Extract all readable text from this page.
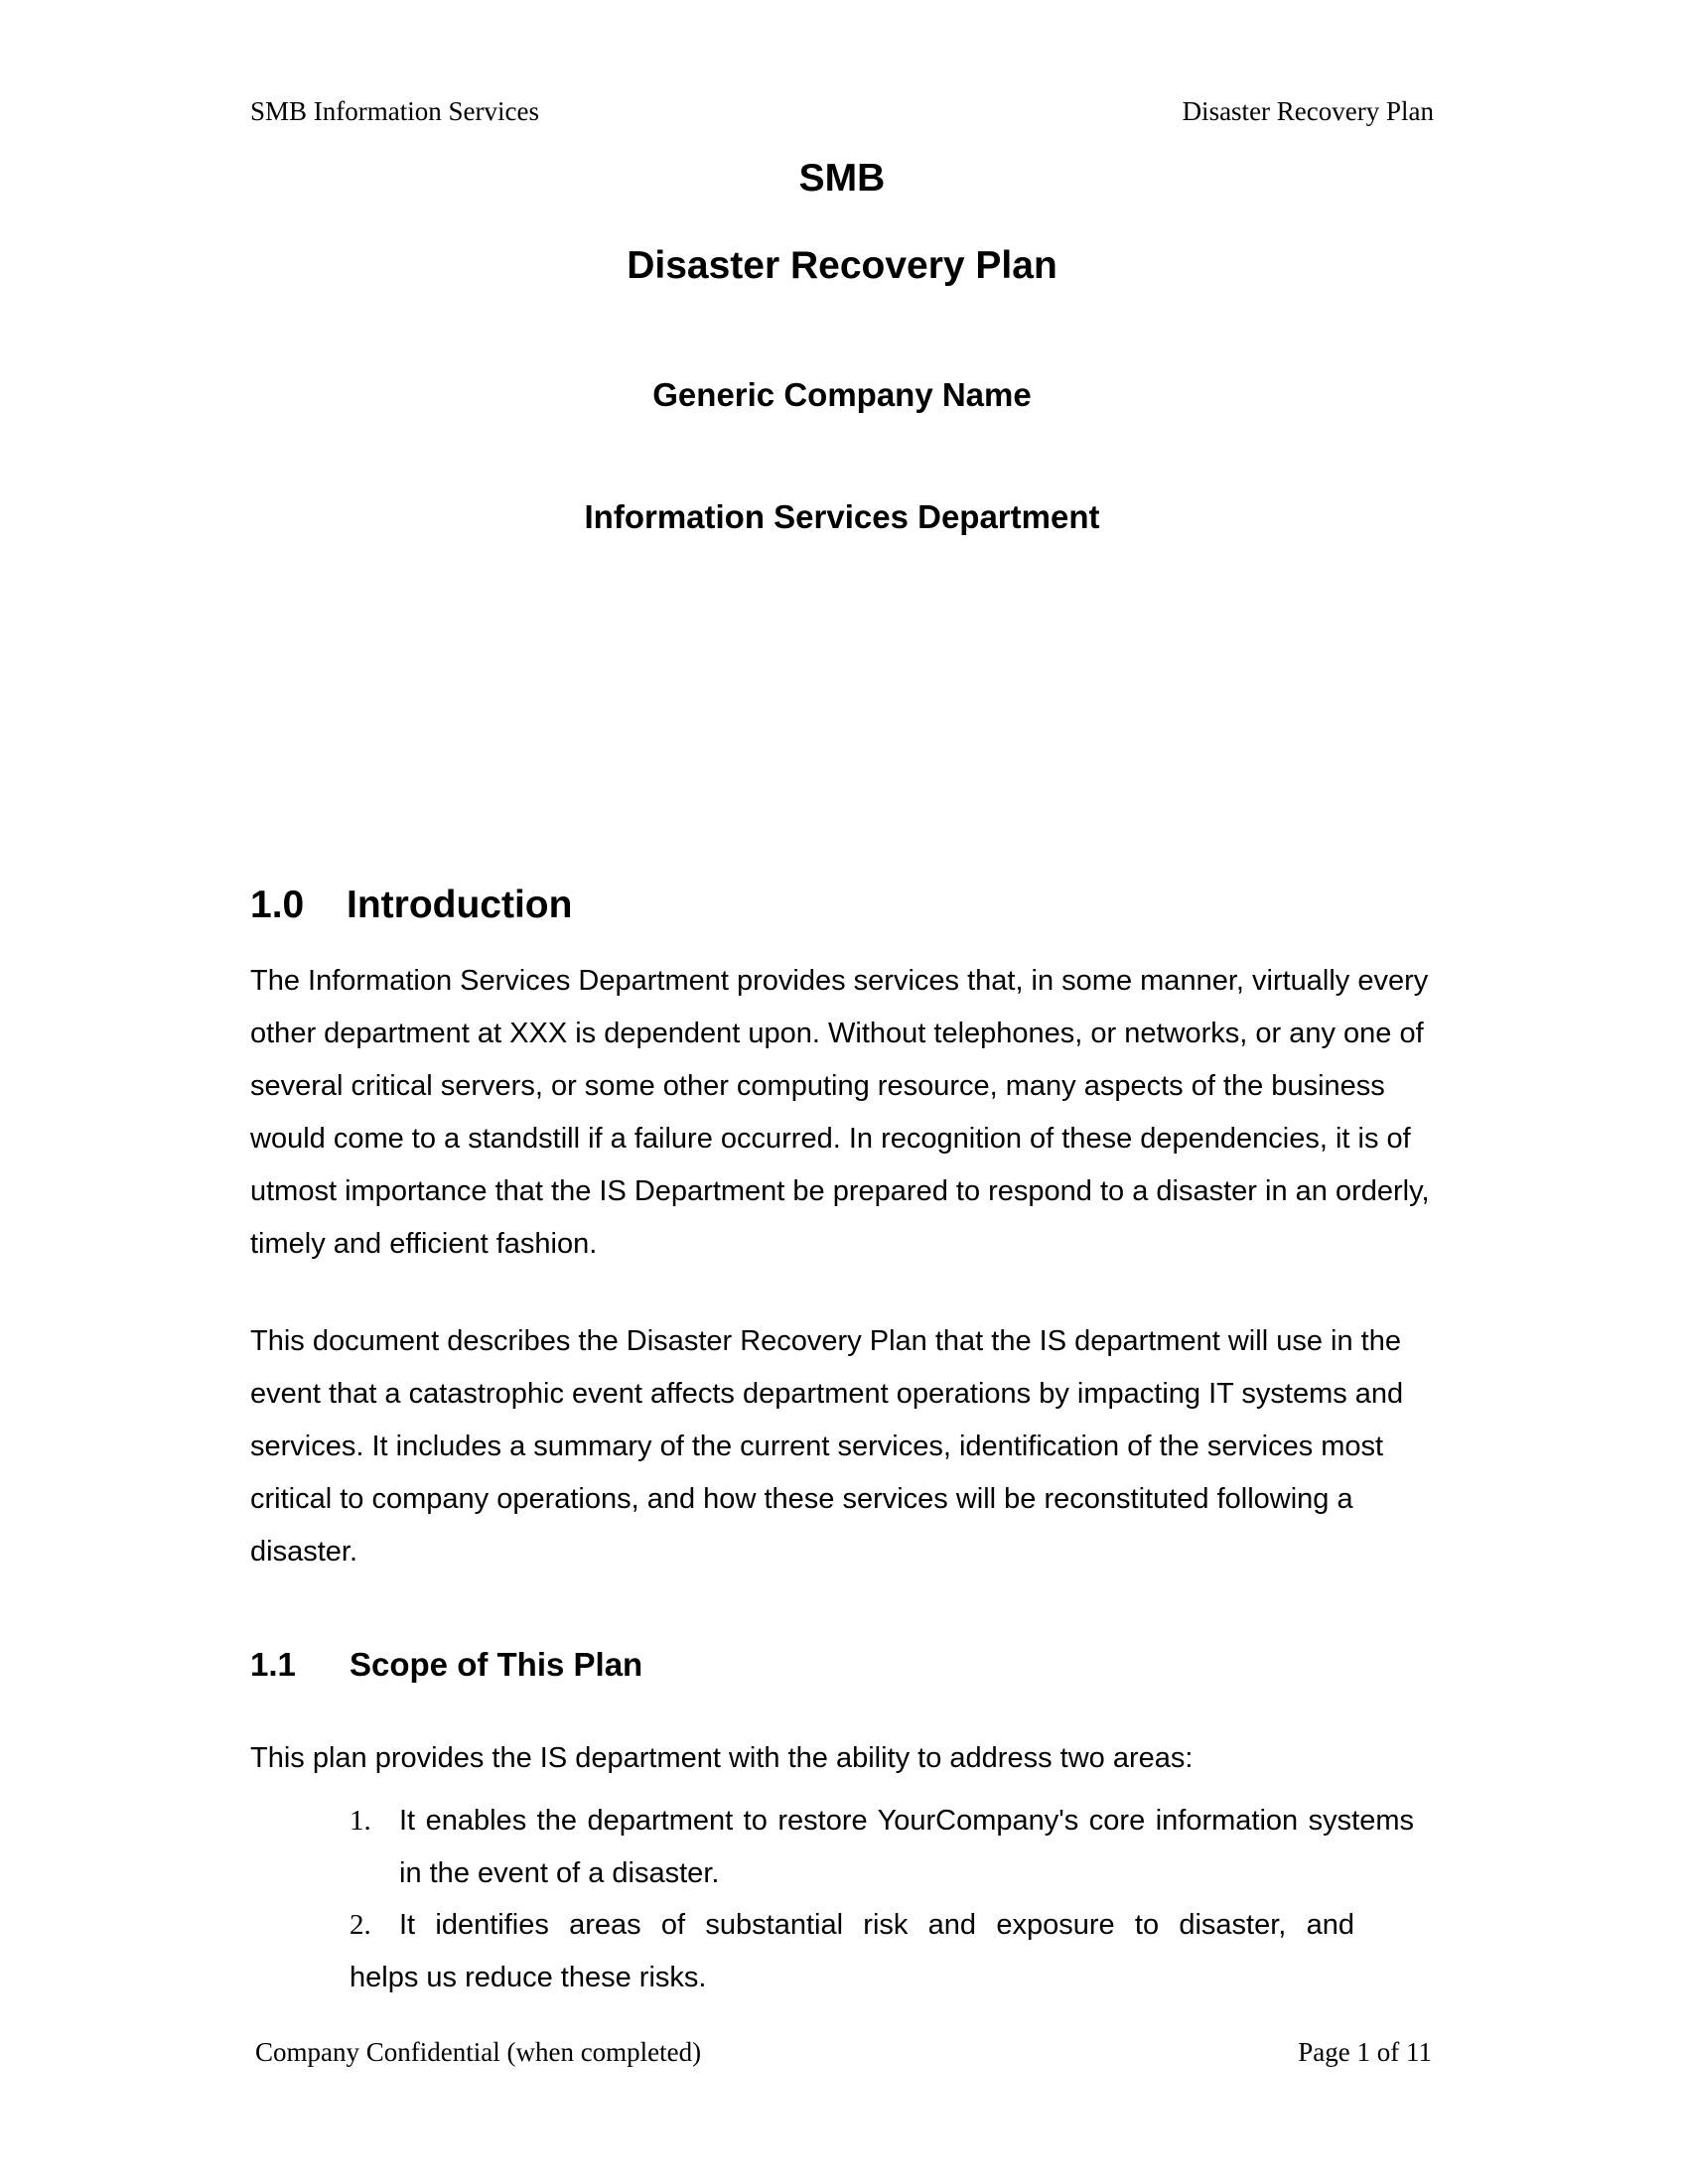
SMB Information Services	Disaster Recovery Plan
SMB
Disaster Recovery Plan
Generic Company Name
Information Services Department
1.0 Introduction

The Information Services Department provides services that, in some manner, virtually every other department at XXX is dependent upon. Without telephones, or networks, or any one of several critical servers, or some other computing resource, many aspects of the business would come to a standstill if a failure occurred. In recognition of these dependencies, it is of utmost importance that the IS Department be prepared to respond to a disaster in an orderly, timely and efficient fashion.

This document describes the Disaster Recovery Plan that the IS department will use in the event that a catastrophic event affects department operations by impacting IT systems and services. It includes a summary of the current services, identification of the services most critical to company operations, and how these services will be reconstituted following a disaster.

1.1 Scope of This Plan

This plan provides the IS department with the ability to address two areas:

1. It enables the department to restore YourCompany's core information systems in the event of a disaster.
2. It identifies areas of substantial risk and exposure to disaster, and
helps us reduce these risks.
Company Confidential (when completed)	Page 1 of 11
